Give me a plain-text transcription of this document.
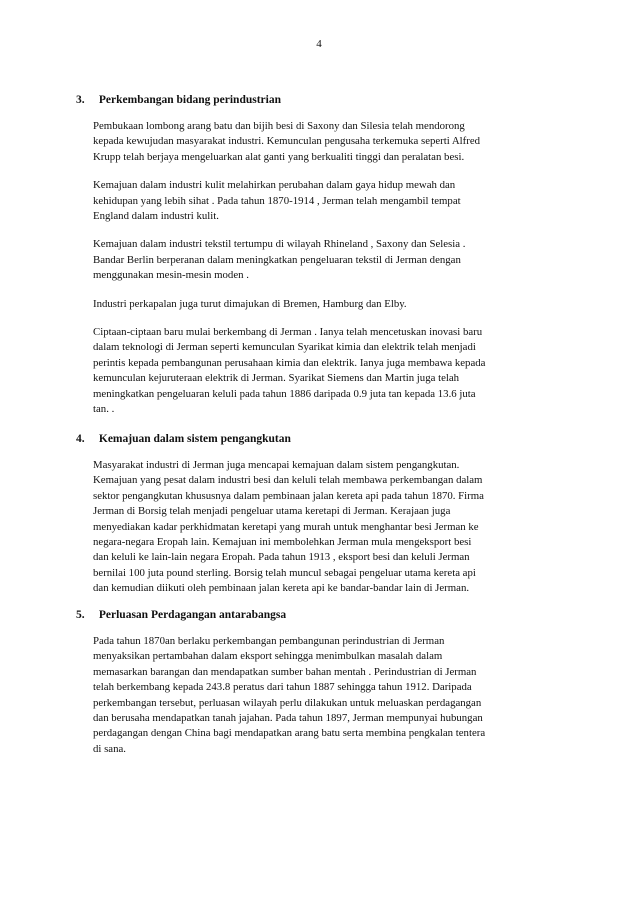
4

3. Perkembangan bidang perindustrian

Pembukaan lombong arang batu dan bijih besi di Saxony dan Silesia telah mendorong
kepada kewujudan masyarakat industri. Kemunculan pengusaha terkemuka seperti Alfred
Krupp telah berjaya mengeluarkan alat ganti yang berkualiti tinggi dan peralatan besi.

Kemajuan dalam industri kulit melahirkan perubahan dalam gaya hidup mewah dan
kehidupan yang lebih sihat . Pada tahun 1870-1914 , Jerman telah mengambil tempat
England dalam industri kulit.

Kemajuan dalam industri tekstil tertumpu di wilayah Rhineland , Saxony dan Selesia .
Bandar Berlin berperanan dalam meningkatkan pengeluaran tekstil di Jerman dengan
menggunakan mesin-mesin moden .

Industri perkapalan juga turut dimajukan di Bremen, Hamburg dan Elby.

Ciptaan-ciptaan baru mulai berkembang di Jerman . Ianya telah mencetuskan inovasi baru
dalam teknologi di Jerman seperti kemunculan Syarikat kimia dan elektrik telah menjadi
perintis kepada pembangunan perusahaan kimia dan elektrik. Ianya juga membawa kepada
kemunculan kejuruteraan elektrik di Jerman. Syarikat Siemens dan Martin juga telah
meningkatkan pengeluaran keluli pada tahun 1886 daripada 0.9 juta tan kepada 13.6 juta
tan. .

4. Kemajuan dalam sistem pengangkutan

Masyarakat industri di Jerman juga mencapai kemajuan dalam sistem pengangkutan.
Kemajuan yang pesat dalam industri besi dan keluli telah membawa perkembangan dalam
sektor pengangkutan khususnya dalam pembinaan jalan kereta api pada tahun 1870. Firma
Jerman di Borsig telah menjadi pengeluar utama keretapi di Jerman. Kerajaan juga
menyediakan kadar perkhidmatan keretapi yang murah untuk menghantar besi Jerman ke
negara-negara Eropah lain. Kemajuan ini membolehkan Jerman mula mengeksport besi
dan keluli ke lain-lain negara Eropah. Pada tahun 1913 , eksport besi dan keluli Jerman
bernilai 100 juta pound sterling. Borsig telah muncul sebagai pengeluar utama kereta api
dan kemudian diikuti oleh pembinaan jalan kereta api ke bandar-bandar lain di Jerman.

5. Perluasan Perdagangan antarabangsa

Pada tahun 1870an berlaku perkembangan pembangunan perindustrian di Jerman
menyaksikan pertambahan dalam eksport sehingga menimbulkan masalah dalam
memasarkan barangan dan mendapatkan sumber bahan mentah . Perindustrian di Jerman
telah berkembang kepada 243.8 peratus dari tahun 1887 sehingga tahun 1912. Daripada
perkembangan tersebut, perluasan wilayah perlu dilakukan untuk meluaskan perdagangan
dan berusaha mendapatkan tanah jajahan. Pada tahun 1897, Jerman mempunyai hubungan
perdagangan dengan China bagi mendapatkan arang batu serta membina pengkalan tentera
di sana.
